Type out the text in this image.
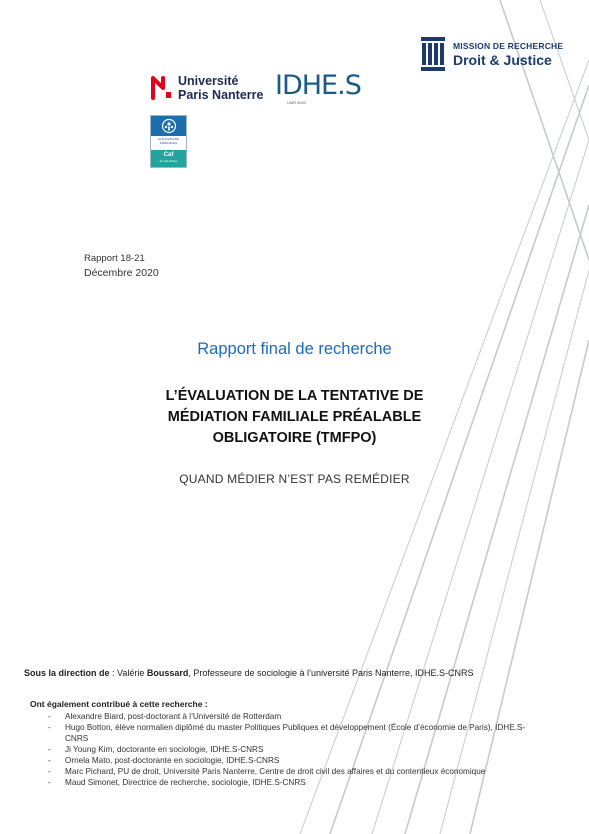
MISSION DE RECHERCHE
Droit & Justice
Université
Paris Nanterre IDHE.S
UMR 8533
ALLOCATIONS FAMILIALES
Caf
du Val-d'Oise
Rapport 18-21
Décembre 2020
Rapport final de recherche
L’ÉVALUATION DE LA TENTATIVE DE
MÉDIATION FAMILIALE PRÉALABLE
OBLIGATOIRE (TMFPO)
QUAND MÉDIER N’EST PAS REMÉDIER
Sous la direction de : Valérie Boussard, Professeure de sociologie à l’université Paris Nanterre, IDHE.S-CNRS
Ont également contribué à cette recherche :
- Alexandre Biard, post-doctorant à l’Université de Rotterdam
- Hugo Botton, élève normalien diplômé du master Politiques Publiques et développement (École d’économie de Paris), IDHE.S-CNRS
- Ji Young Kim, doctorante en sociologie, IDHE.S-CNRS
- Ornela Mato, post-doctorante en sociologie, IDHE.S-CNRS
- Marc Pichard, PU de droit, Université Paris Nanterre, Centre de droit civil des affaires et du contentieux économique
- Maud Simonet, Directrice de recherche, sociologie, IDHE.S-CNRS
